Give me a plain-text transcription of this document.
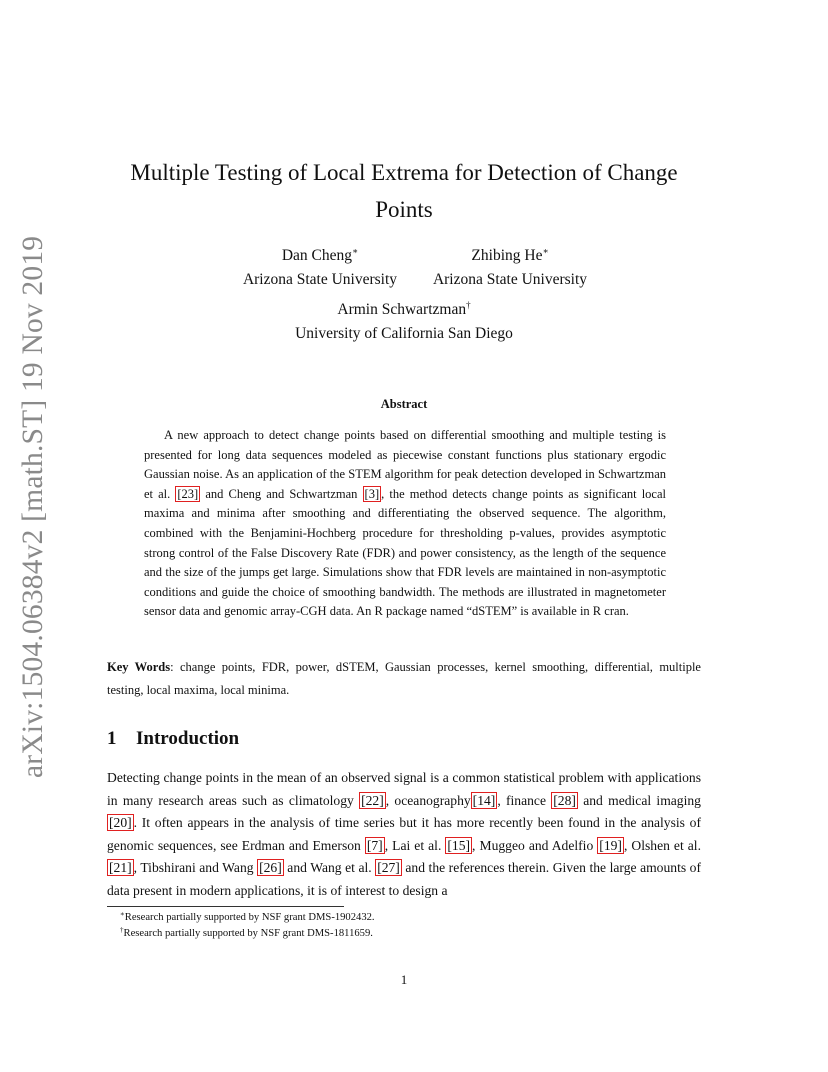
arXiv:1504.06384v2 [math.ST] 19 Nov 2019
Multiple Testing of Local Extrema for Detection of Change Points
Dan Cheng∗
Arizona State University
Zhibing He∗
Arizona State University
Armin Schwartzman†
University of California San Diego
Abstract

A new approach to detect change points based on differential smoothing and multiple testing is presented for long data sequences modeled as piecewise constant functions plus stationary ergodic Gaussian noise. As an application of the STEM algorithm for peak detection developed in Schwartzman et al. [23] and Cheng and Schwartzman [3] , the method detects change points as significant local maxima and minima after smoothing and differentiating the observed sequence. The algorithm, combined with the Benjamini-Hochberg procedure for thresholding p-values, provides asymptotic strong control of the False Discovery Rate (FDR) and power consistency, as the length of the sequence and the size of the jumps get large. Simulations show that FDR levels are maintained in non-asymptotic conditions and guide the choice of smoothing bandwidth. The methods are illustrated in magnetometer sensor data and genomic array-CGH data. An R package named “dSTEM” is available in R cran.

Key Words: change points, FDR, power, dSTEM, Gaussian processes, kernel smoothing, differential, multiple testing, local maxima, local minima.
1 Introduction

Detecting change points in the mean of an observed signal is a common statistical problem with applications in many research areas such as climatology [22] , oceanography [14] , finance [28] and medical imaging [20] . It often appears in the analysis of time series but it has more recently been found in the analysis of genomic sequences, see Erdman and Emerson [7] , Lai et al. [15] , Muggeo and Adelfio [19] , Olshen et al. [21] , Tibshirani and Wang [26] and Wang et al. [27] and the references therein. Given the large amounts of data present in modern applications, it is of interest to design a

∗Research partially supported by NSF grant DMS-1902432.
†Research partially supported by NSF grant DMS-1811659.
1
